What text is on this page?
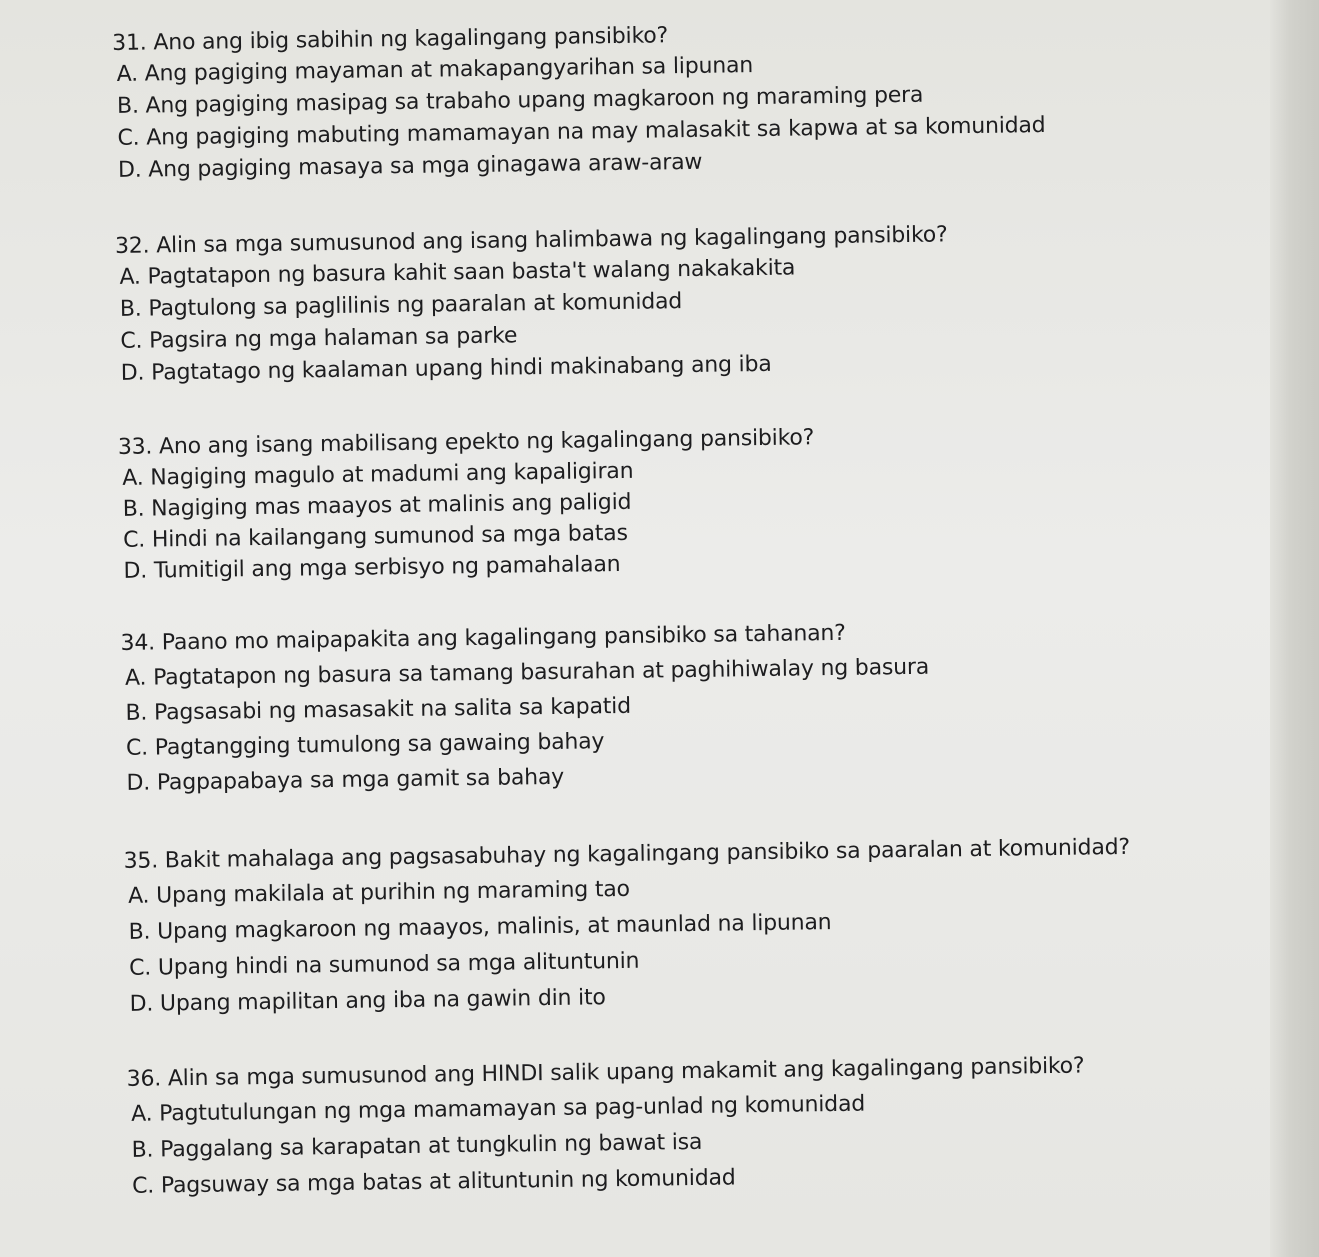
31. Ano ang ibig sabihin ng kagalingang pansibiko?
A. Ang pagiging mayaman at makapangyarihan sa lipunan
B. Ang pagiging masipag sa trabaho upang magkaroon ng maraming pera
C. Ang pagiging mabuting mamamayan na may malasakit sa kapwa at sa komunidad
D. Ang pagiging masaya sa mga ginagawa araw-araw
32. Alin sa mga sumusunod ang isang halimbawa ng kagalingang pansibiko?
A. Pagtatapon ng basura kahit saan basta't walang nakakakita
B. Pagtulong sa paglilinis ng paaralan at komunidad
C. Pagsira ng mga halaman sa parke
D. Pagtatago ng kaalaman upang hindi makinabang ang iba
33. Ano ang isang mabilisang epekto ng kagalingang pansibiko?
A. Nagiging magulo at madumi ang kapaligiran
B. Nagiging mas maayos at malinis ang paligid
C. Hindi na kailangang sumunod sa mga batas
D. Tumitigil ang mga serbisyo ng pamahalaan
34. Paano mo maipapakita ang kagalingang pansibiko sa tahanan?
A. Pagtatapon ng basura sa tamang basurahan at paghihiwalay ng basura
B. Pagsasabi ng masasakit na salita sa kapatid
C. Pagtangging tumulong sa gawaing bahay
D. Pagpapabaya sa mga gamit sa bahay
35. Bakit mahalaga ang pagsasabuhay ng kagalingang pansibiko sa paaralan at komunidad?
A. Upang makilala at purihin ng maraming tao
B. Upang magkaroon ng maayos, malinis, at maunlad na lipunan
C. Upang hindi na sumunod sa mga alituntunin
D. Upang mapilitan ang iba na gawin din ito
36. Alin sa mga sumusunod ang HINDI salik upang makamit ang kagalingang pansibiko?
A. Pagtutulungan ng mga mamamayan sa pag-unlad ng komunidad
B. Paggalang sa karapatan at tungkulin ng bawat isa
C. Pagsuway sa mga batas at alituntunin ng komunidad
